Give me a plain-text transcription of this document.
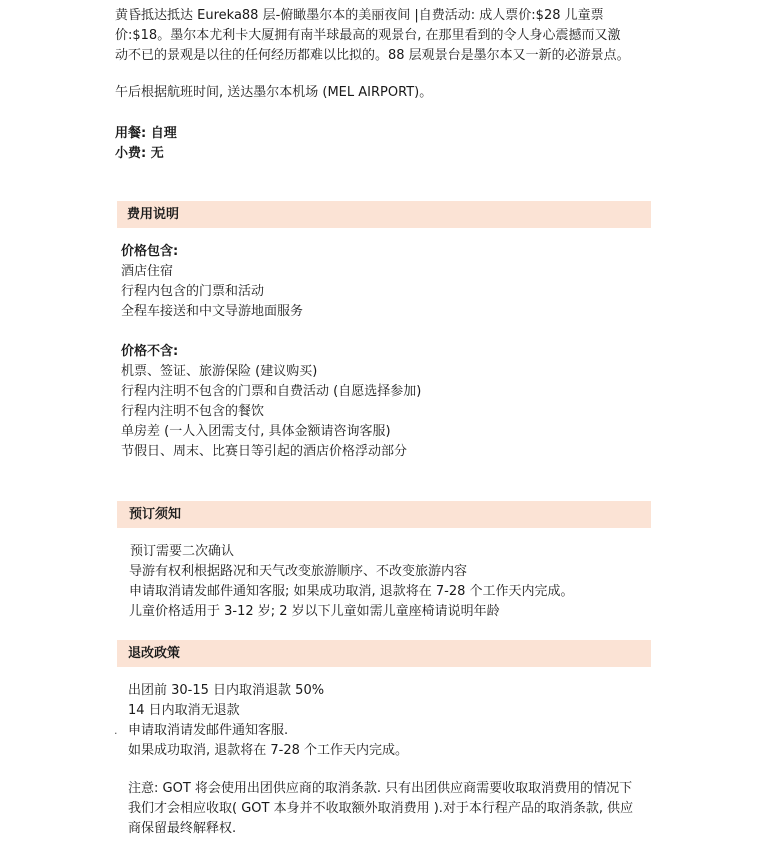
黄昏抵达抵达 Eureka88 层-俯瞰墨尔本的美丽夜间 |自费活动: 成人票价:$28 儿童票

价:$18。墨尔本尤利卡大厦拥有南半球最高的观景台, 在那里看到的令人身心震撼而又激

动不已的景观是以往的任何经历都难以比拟的。88 层观景台是墨尔本又一新的必游景点。

午后根据航班时间, 送达墨尔本机场 (MEL AIRPORT)。

用餐: 自理
小费: 无
费用说明
价格包含:

酒店住宿

行程内包含的门票和活动

全程车接送和中文导游地面服务

价格不含:

机票、签证、旅游保险 (建议购买)

行程内注明不包含的门票和自费活动 (自愿选择参加)

行程内注明不包含的餐饮

单房差 (一人入团需支付, 具体金额请咨询客服)

节假日、周末、比赛日等引起的酒店价格浮动部分

预订须知

预订需要二次确认

导游有权利根据路况和天气改变旅游顺序、不改变旅游内容

申请取消请发邮件通知客服; 如果成功取消, 退款将在 7-28 个工作天内完成。

儿童价格适用于 3-12 岁; 2 岁以下儿童如需儿童座椅请说明年龄

退改政策
·

出团前 30-15 日内取消退款 50%

14 日内取消无退款

申请取消请发邮件通知客服.

如果成功取消, 退款将在 7-28 个工作天内完成。

注意: GOT 将会使用出团供应商的取消条款. 只有出团供应商需要收取取消费用的情况下

我们才会相应收取( GOT 本身并不收取额外取消费用 ).对于本行程产品的取消条款, 供应

商保留最终解释权.
